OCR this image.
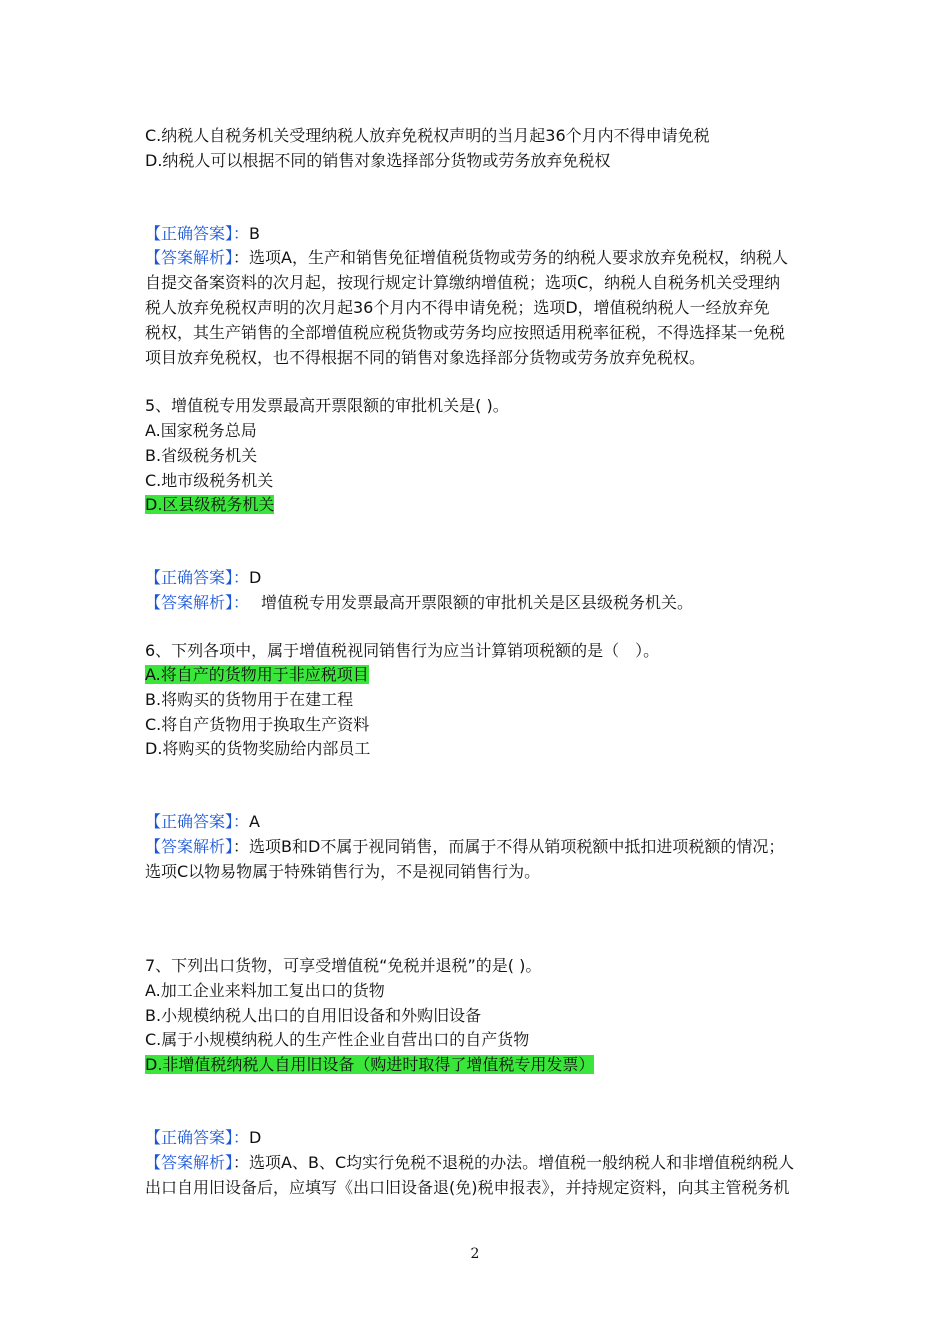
C.纳税人自税务机关受理纳税人放弃免税权声明的当月起36个月内不得申请免税
D.纳税人可以根据不同的销售对象选择部分货物或劳务放弃免税权
【正确答案】：B
【答案解析】：选项A，生产和销售免征增值税货物或劳务的纳税人要求放弃免税权，纳税人
自提交备案资料的次月起，按现行规定计算缴纳增值税；选项C，纳税人自税务机关受理纳
税人放弃免税权声明的次月起36个月内不得申请免税；选项D，增值税纳税人一经放弃免
税权，其生产销售的全部增值税应税货物或劳务均应按照适用税率征税，不得选择某一免税
项目放弃免税权，也不得根据不同的销售对象选择部分货物或劳务放弃免税权。
5、增值税专用发票最高开票限额的审批机关是( )。
A.国家税务总局
B.省级税务机关
C.地市级税务机关
D.区县级税务机关
【正确答案】：D
【答案解析】： 增值税专用发票最高开票限额的审批机关是区县级税务机关。
6、下列各项中，属于增值税视同销售行为应当计算销项税额的是（　）。
A.将自产的货物用于非应税项目
B.将购买的货物用于在建工程
C.将自产货物用于换取生产资料
D.将购买的货物奖励给内部员工
【正确答案】：A
【答案解析】：选项B和D不属于视同销售，而属于不得从销项税额中抵扣进项税额的情况；
选项C以物易物属于特殊销售行为，不是视同销售行为。
7、下列出口货物，可享受增值税“免税并退税”的是( )。
A.加工企业来料加工复出口的货物
B.小规模纳税人出口的自用旧设备和外购旧设备
C.属于小规模纳税人的生产性企业自营出口的自产货物
D.非增值税纳税人自用旧设备（购进时取得了增值税专用发票）
【正确答案】：D
【答案解析】：选项A、B、C均实行免税不退税的办法。增值税一般纳税人和非增值税纳税人
出口自用旧设备后，应填写《出口旧设备退(免)税申报表》，并持规定资料，向其主管税务机
2
